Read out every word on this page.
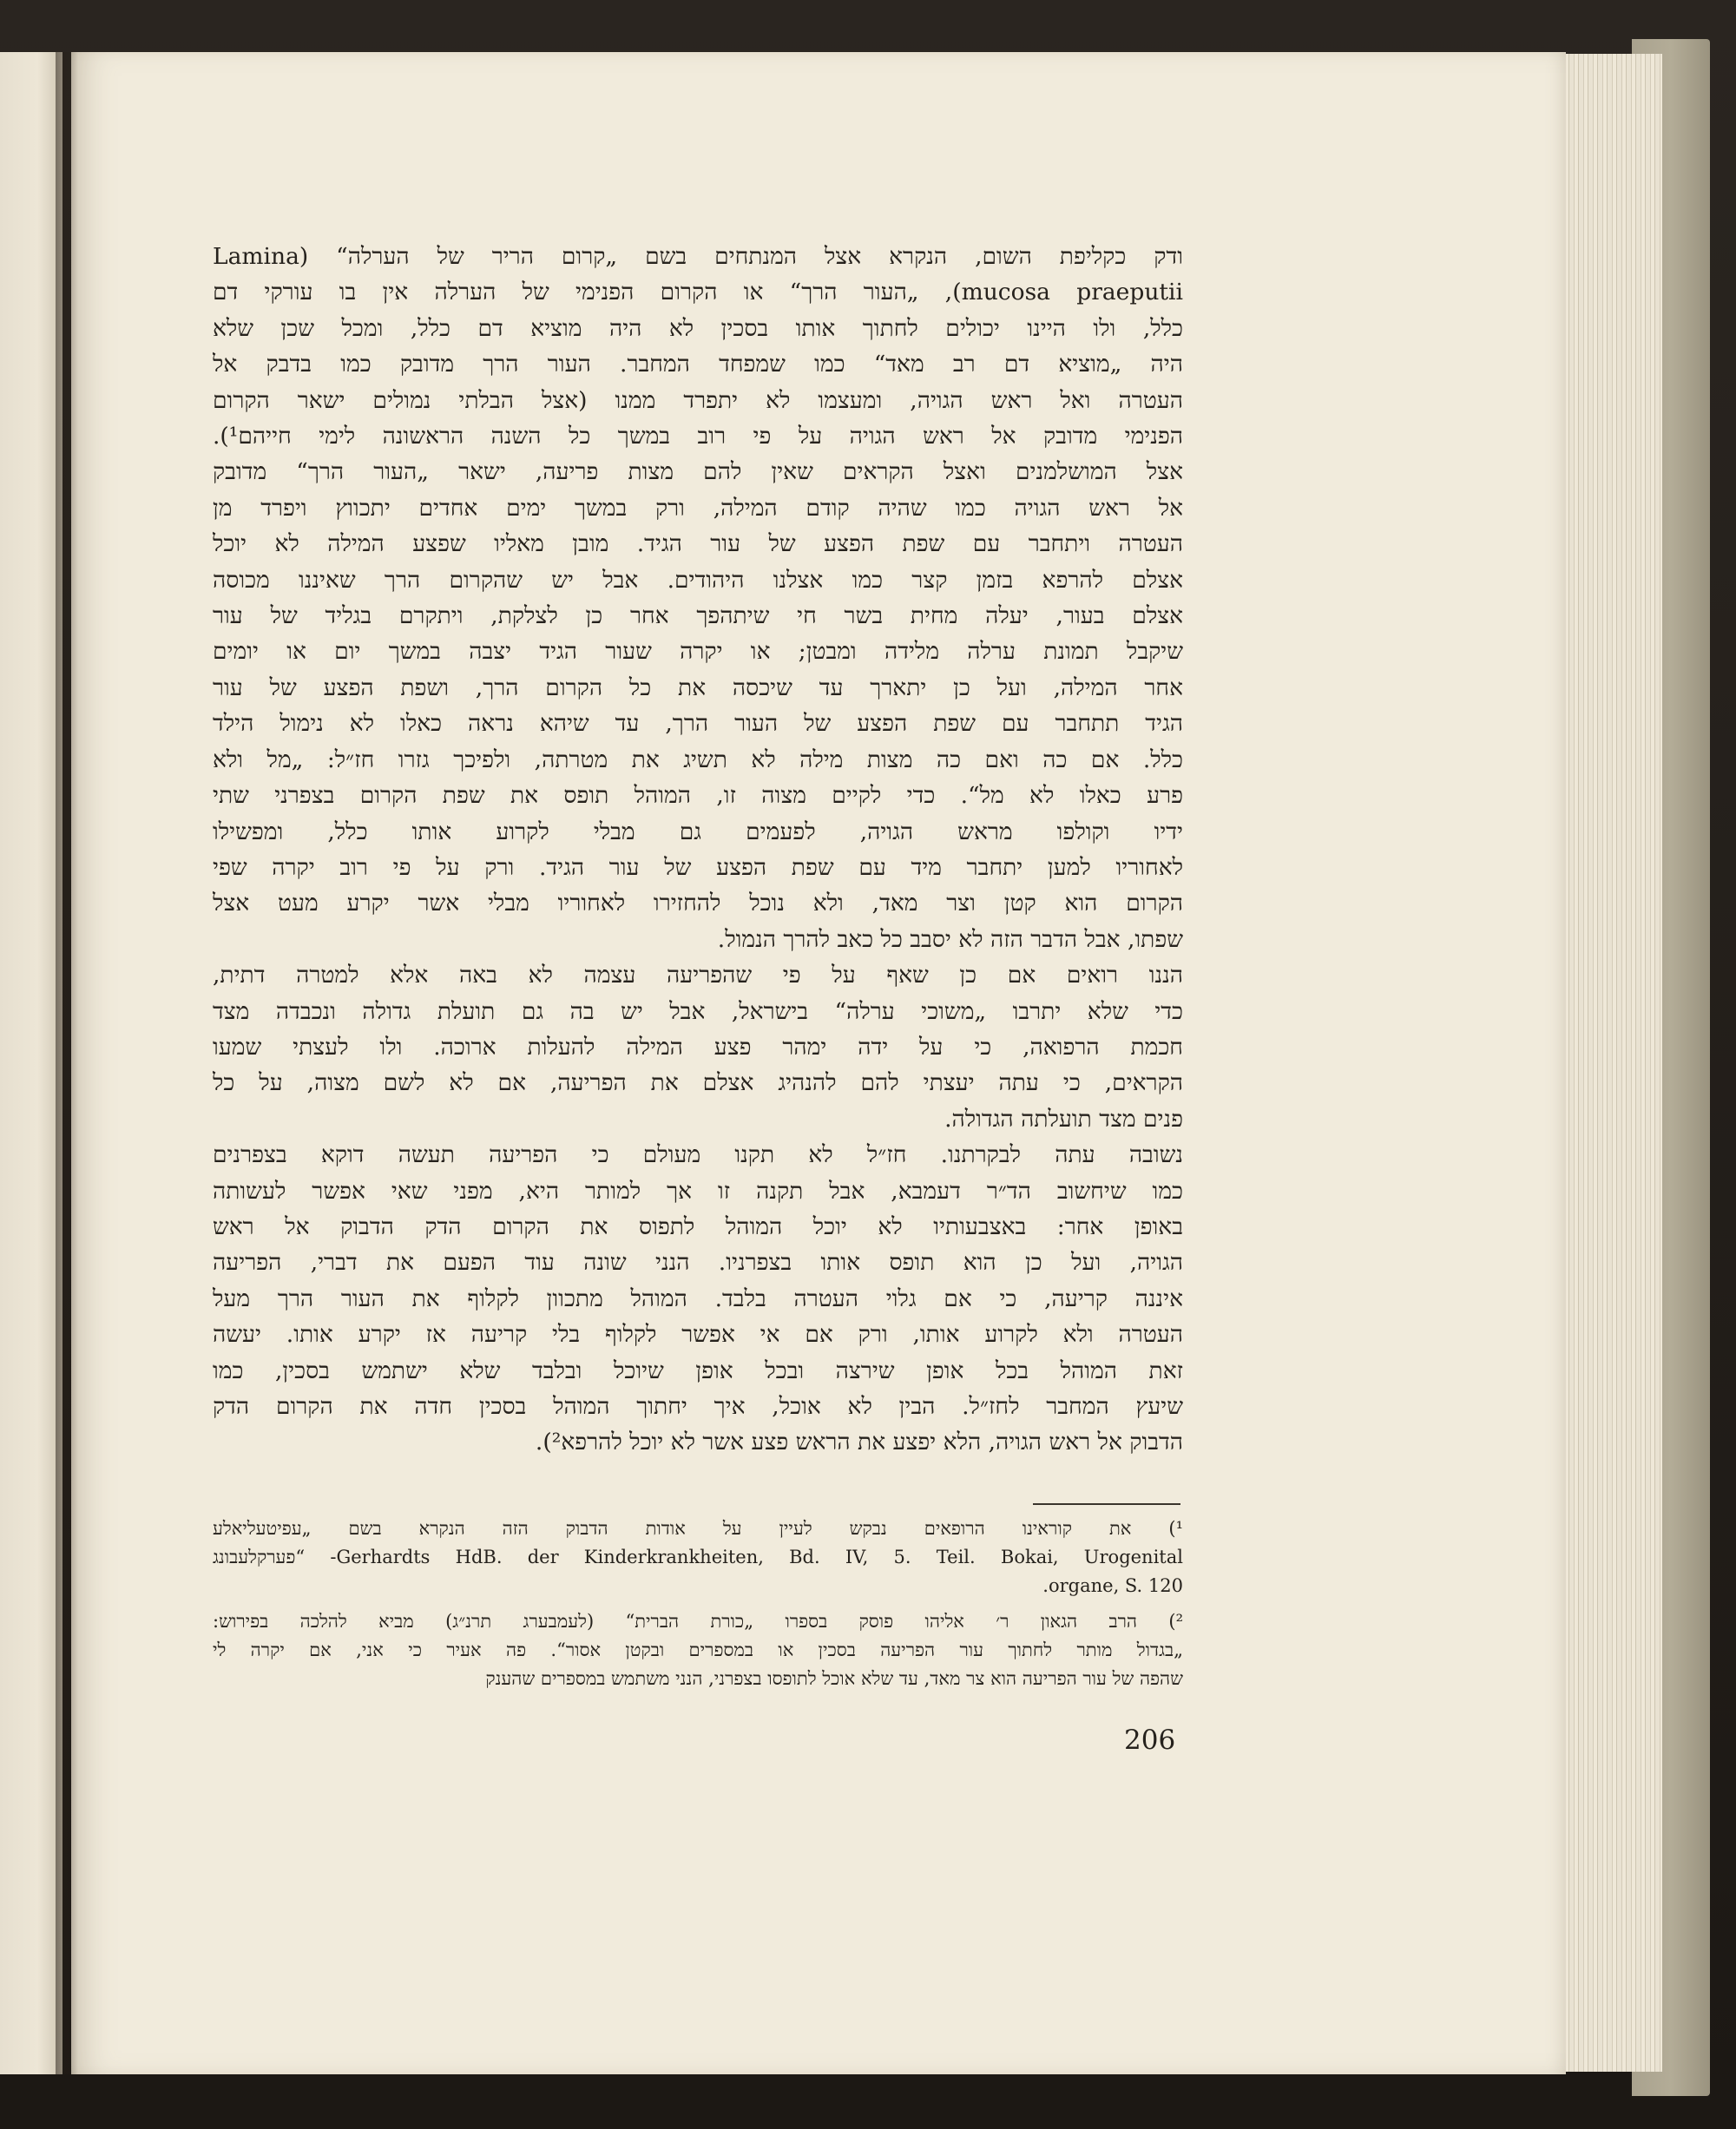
ודק כקליפת השום, הנקרא אצל המנתחים בשם „קרום הריר של הערלה“ (Lamina
mucosa praeputii), „העור הרך“ או הקרום הפנימי של הערלה אין בו עורקי דם
כלל, ולו היינו יכולים לחתוך אותו בסכין לא היה מוציא דם כלל, ומכל שכן שלא
היה „מוציא דם רב מאד“ כמו שמפחד המחבר. העור הרך מדובק כמו בדבק אל
העטרה ואל ראש הגויה, ומעצמו לא יתפרד ממנו (אצל הבלתי נמולים ישאר הקרום
הפנימי מדובק אל ראש הגויה על פי רוב במשך כל השנה הראשונה לימי חייהם¹).
אצל המושלמנים ואצל הקראים שאין להם מצות פריעה, ישאר „העור הרך“ מדובק
אל ראש הגויה כמו שהיה קודם המילה, ורק במשך ימים אחדים יתכווץ ויפרד מן
העטרה ויתחבר עם שפת הפצע של עור הגיד. מובן מאליו שפצע המילה לא יוכל
אצלם להרפא בזמן קצר כמו אצלנו היהודים. אבל יש שהקרום הרך שאיננו מכוסה
אצלם בעור, יעלה מחית בשר חי שיתהפך אחר כן לצלקת, ויתקרם בגליד של עור
שיקבל תמונת ערלה מלידה ומבטן; או יקרה שעור הגיד יצבה במשך יום או יומים
אחר המילה, ועל כן יתארך עד שיכסה את כל הקרום הרך, ושפת הפצע של עור
הגיד תתחבר עם שפת הפצע של העור הרך, עד שיהא נראה כאלו לא נימול הילד
כלל. אם כה ואם כה מצות מילה לא תשיג את מטרתה, ולפיכך גזרו חז״ל: „מל ולא
פרע כאלו לא מל“. כדי לקיים מצוה זו, המוהל תופס את שפת הקרום בצפרני שתי
ידיו וקולפו מראש הגויה, לפעמים גם מבלי לקרוע אותו כלל, ומפשילו
לאחוריו למען יתחבר מיד עם שפת הפצע של עור הגיד. ורק על פי רוב יקרה שפי
הקרום הוא קטן וצר מאד, ולא נוכל להחזירו לאחוריו מבלי אשר יקרע מעט אצל
שפתו, אבל הדבר הזה לא יסבב כל כאב להרך הנמול.
הננו רואים אם כן שאף על פי שהפריעה עצמה לא באה אלא למטרה דתית,
כדי שלא יתרבו „משוכי ערלה“ בישראל, אבל יש בה גם תועלת גדולה ונכבדה מצד
חכמת הרפואה, כי על ידה ימהר פצע המילה להעלות ארוכה. ולו לעצתי שמעו
הקראים, כי עתה יעצתי להם להנהיג אצלם את הפריעה, אם לא לשם מצוה, על כל
פנים מצד תועלתה הגדולה.
נשובה עתה לבקרתנו. חז״ל לא תקנו מעולם כי הפריעה תעשה דוקא בצפרנים
כמו שיחשוב הד״ר דעמבא, אבל תקנה זו אך למותר היא, מפני שאי אפשר לעשותה
באופן אחר: באצבעותיו לא יוכל המוהל לתפוס את הקרום הדק הדבוק אל ראש
הגויה, ועל כן הוא תופס אותו בצפרניו. הנני שונה עוד הפעם את דברי, הפריעה
איננה קריעה, כי אם גלוי העטרה בלבד. המוהל מתכוון לקלוף את העור הרך מעל
העטרה ולא לקרוע אותו, ורק אם אי אפשר לקלוף בלי קריעה אז יקרע אותו. יעשה
זאת המוהל בכל אופן שירצה ובכל אופן שיוכל ובלבד שלא ישתמש בסכין, כמו
שיעץ המחבר לחז״ל. הבין לא אוכל, איך יחתוך המוהל בסכין חדה את הקרום הדק
הדבוק אל ראש הגויה, הלא יפצע את הראש פצע אשר לא יוכל להרפא²).

¹) את קוראינו הרופאים נבקש לעיין על אודות הדבוק הזה הנקרא בשם „עפיטעליאלע
Gerhardts HdB. der Kinderkrankheiten, Bd. IV, 5. Teil. Bokai, Urogenital- “פערקלעבונג
organe, S. 120.

²) הרב הגאון ר׳ אליהו פוסק בספרו „כורת הברית“ (לעמבערג תרנ״ג) מביא להלכה בפירוש:
„בגדול מותר לחתוך עור הפריעה בסכין או במספרים ובקטן אסור“. פה אעיר כי אני, אם יקרה לי
שהפה של עור הפריעה הוא צר מאד, עד שלא אוכל לתופסו בצפרני, הנני משתמש במספרים שהענק

206
